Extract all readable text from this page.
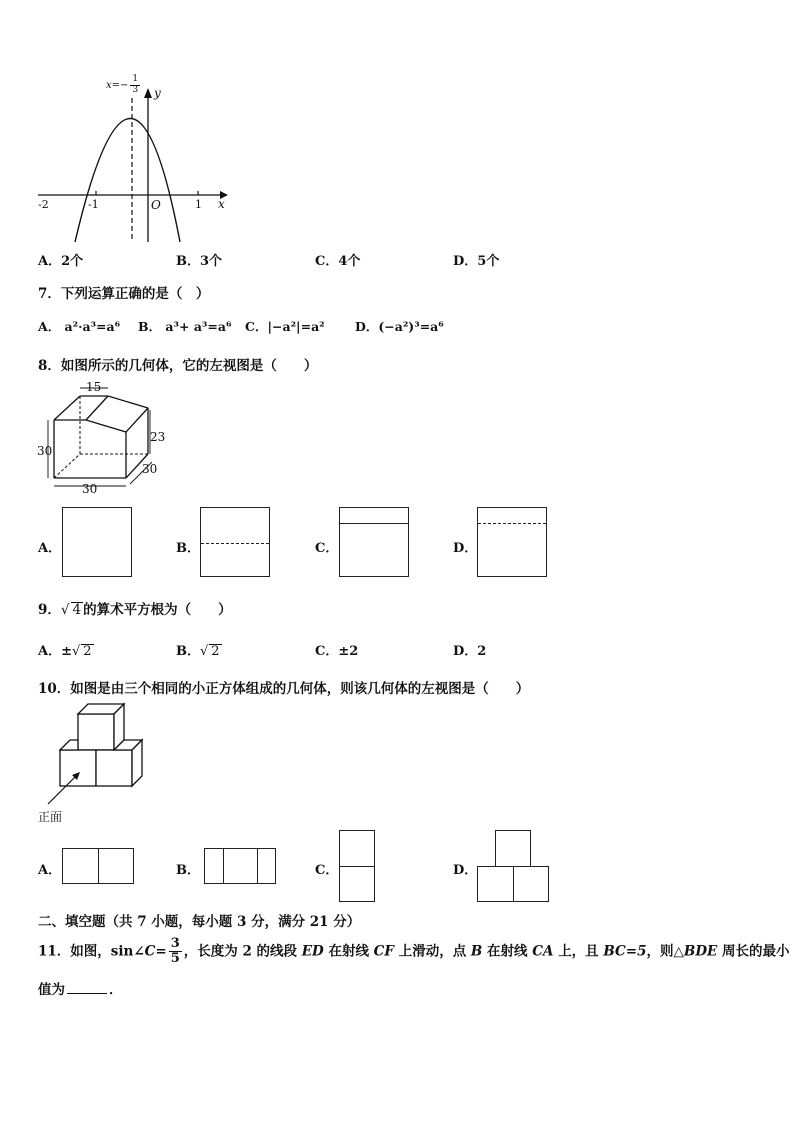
$x=- \frac{1}{3}$ y
x
O
-2	-1	1
A．2个	B．3个	C．4个	D．5个
7．下列运算正确的是（　）
A． a²·a³=a⁶ B． a³+ a³=a⁶ C．|−a²|=a² D．(−a²)³=a⁶
8．如图所示的几何体，它的左视图是（　　）
15
23
30
30
30
A．	B．	C．	D．
9．√ 4 的算术平方根为（　　）
A．±√ 2	B．√ 2	C．±2	D．2
10．如图是由三个相同的小正方体组成的几何体，则该几何体的左视图是（　　）
正面
A．	B．	C．	D．
二、填空题（共 7 小题，每小题 3 分，满分 21 分）
11．如图，sin∠C= $\frac{3}{5}$ ，长度为 2 的线段 ED 在射线 CF 上滑动，点 B 在射线 CA 上，且 BC=5，则△BDE 周长的最小
值为	．
